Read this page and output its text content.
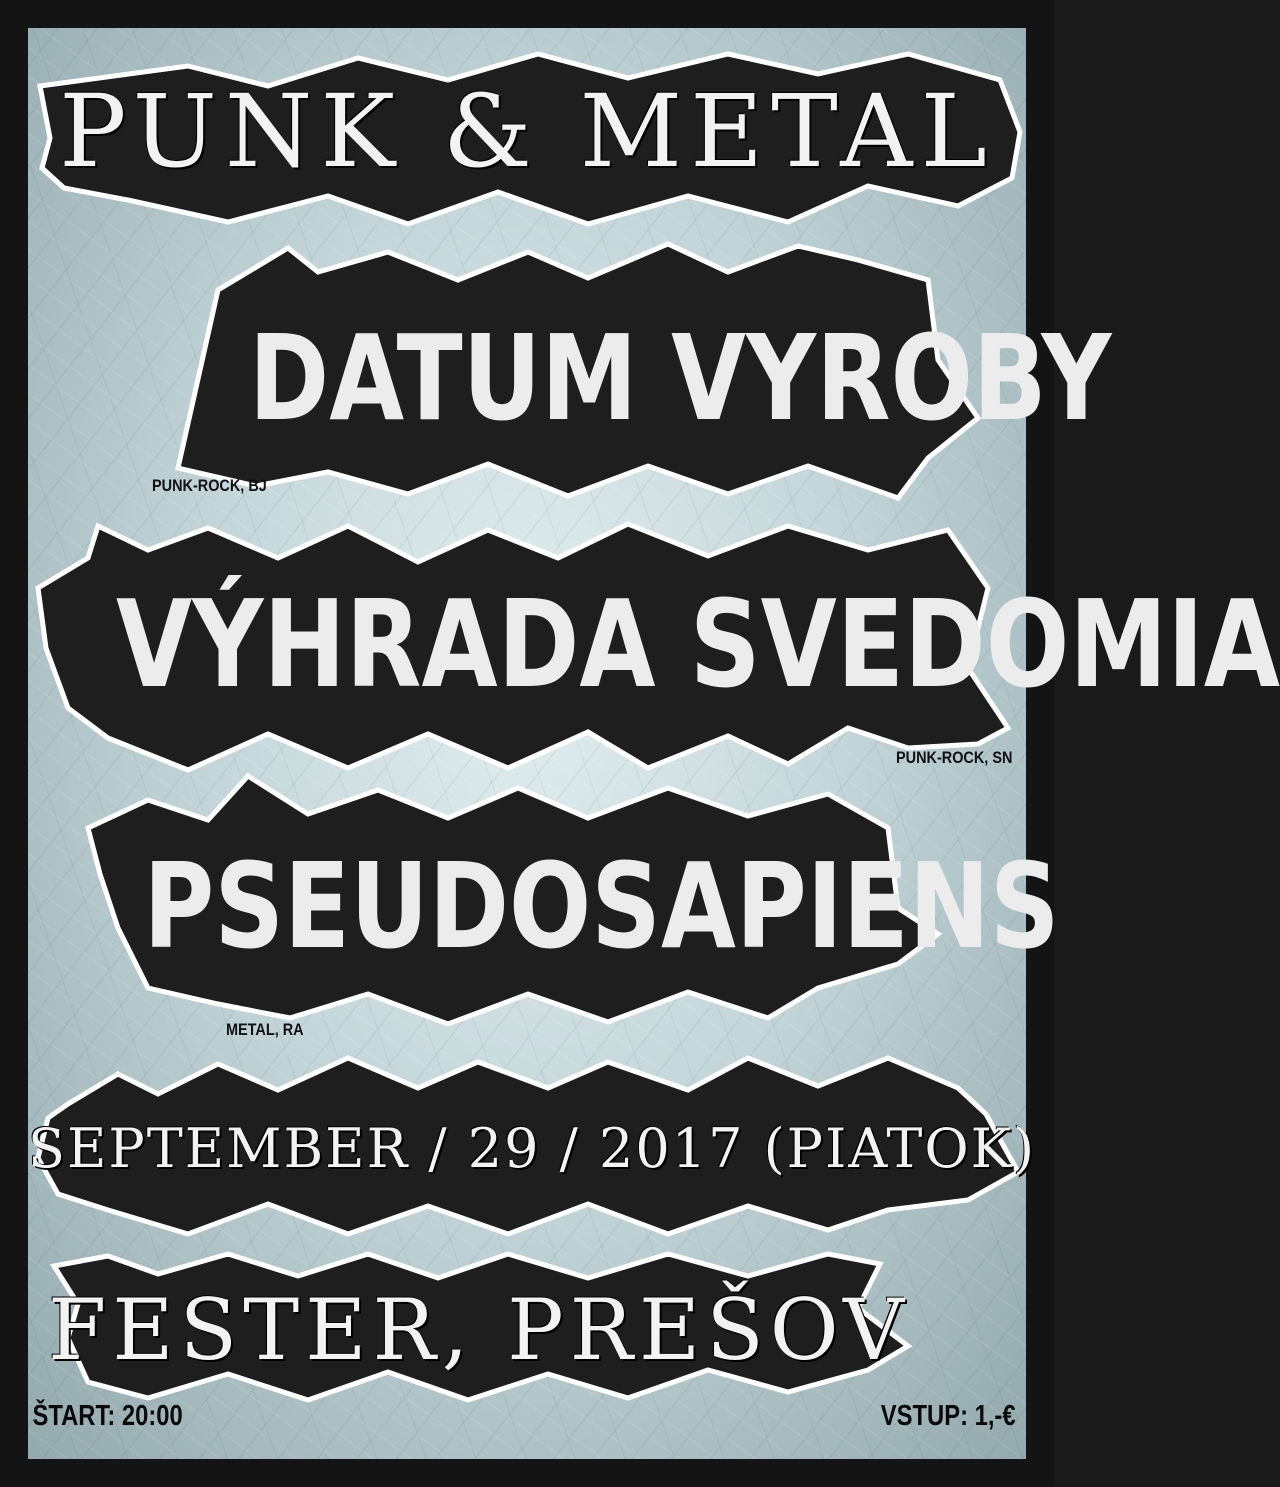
PUNK & METAL
DATUM VYROBY
PUNK-ROCK, BJ
VÝHRADA SVEDOMIA
PUNK-ROCK, SN
PSEUDOSAPIENS
METAL, RA
SEPTEMBER / 29 / 2017 (PIATOK)
FESTER, PREŠOV
ŠTART: 20:00	VSTUP: 1,-€
